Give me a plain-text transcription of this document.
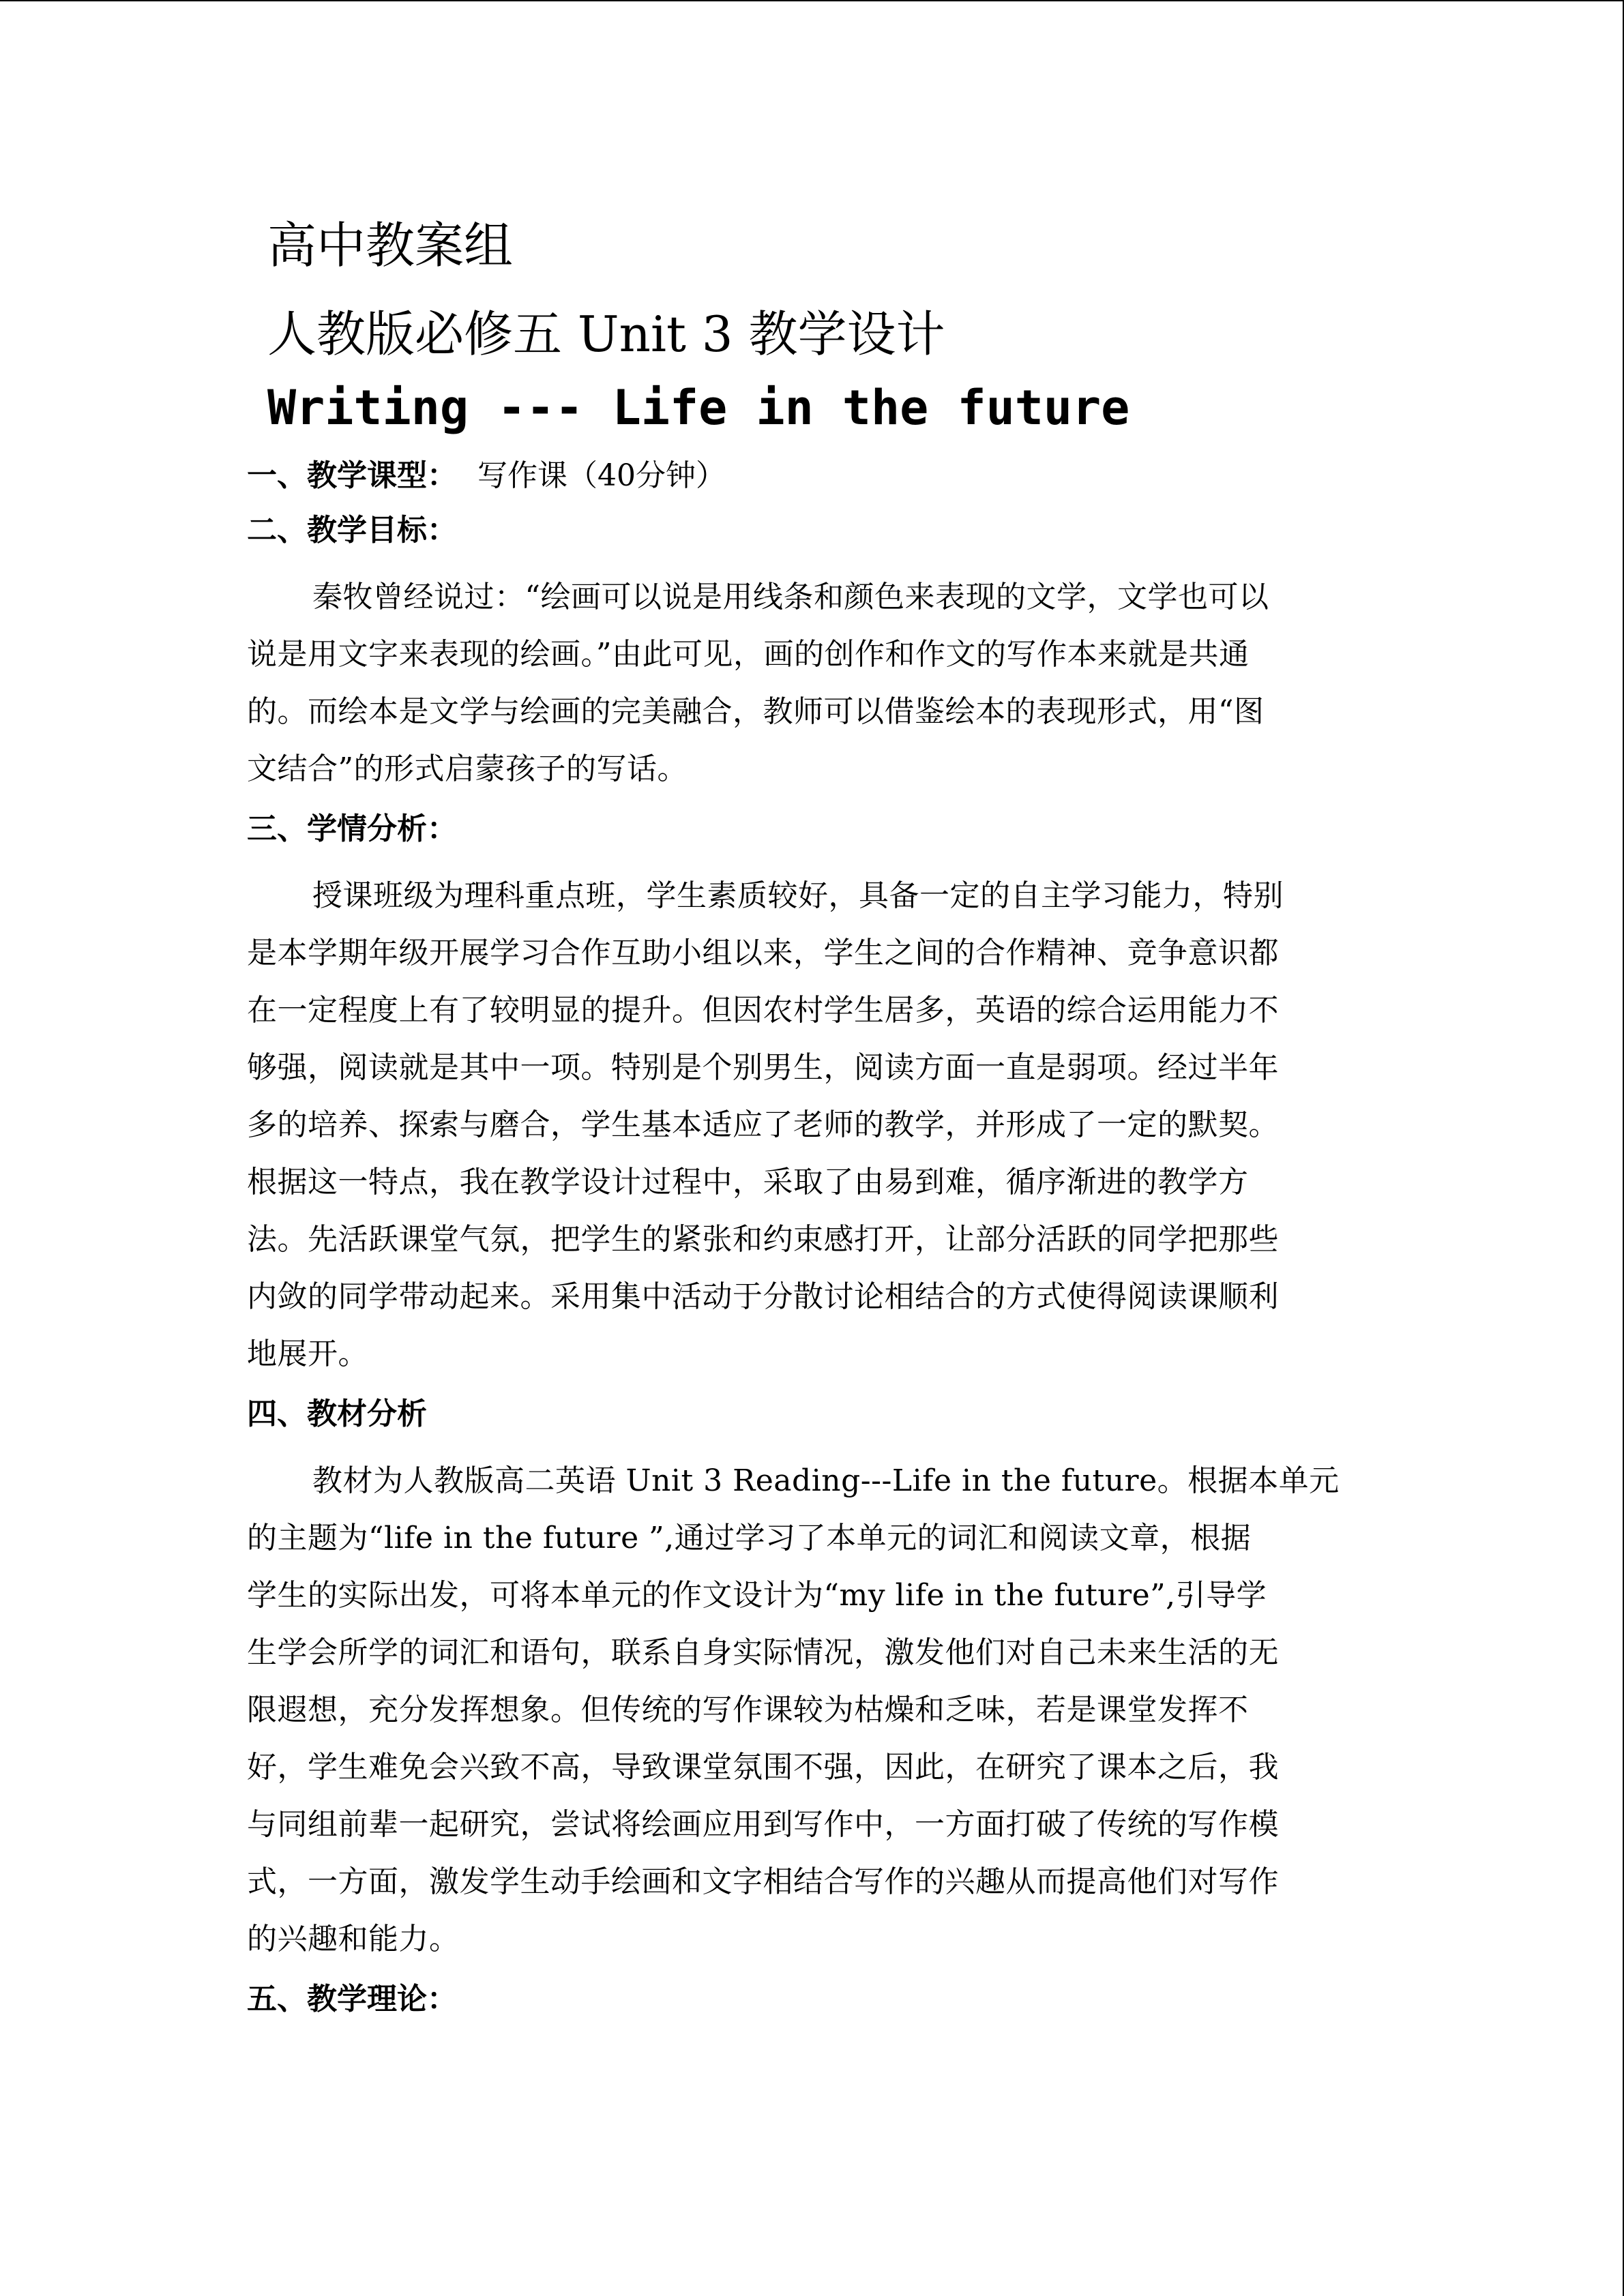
高中教案组
人教版必修五 Unit 3 教学设计
Writing --- Life in the future
一、教学课型： 写作课（40分钟）
二、教学目标：
秦牧曾经说过：“绘画可以说是用线条和颜色来表现的文学，文学也可以
说是用文字来表现的绘画。”由此可见，画的创作和作文的写作本来就是共通
的。而绘本是文学与绘画的完美融合，教师可以借鉴绘本的表现形式，用“图
文结合”的形式启蒙孩子的写话。
三、学情分析：
授课班级为理科重点班，学生素质较好，具备一定的自主学习能力，特别
是本学期年级开展学习合作互助小组以来，学生之间的合作精神、竞争意识都
在一定程度上有了较明显的提升。但因农村学生居多，英语的综合运用能力不
够强，阅读就是其中一项。特别是个别男生，阅读方面一直是弱项。经过半年
多的培养、探索与磨合，学生基本适应了老师的教学，并形成了一定的默契。
根据这一特点，我在教学设计过程中，采取了由易到难，循序渐进的教学方
法。先活跃课堂气氛，把学生的紧张和约束感打开，让部分活跃的同学把那些
内敛的同学带动起来。采用集中活动于分散讨论相结合的方式使得阅读课顺利
地展开。
四、教材分析
教材为人教版高二英语 Unit 3 Reading---Life in the future。根据本单元
的主题为“life in the future ”,通过学习了本单元的词汇和阅读文章，根据
学生的实际出发，可将本单元的作文设计为“my life in the future”,引导学
生学会所学的词汇和语句，联系自身实际情况，激发他们对自己未来生活的无
限遐想，充分发挥想象。但传统的写作课较为枯燥和乏味，若是课堂发挥不
好，学生难免会兴致不高，导致课堂氛围不强，因此，在研究了课本之后，我
与同组前辈一起研究，尝试将绘画应用到写作中，一方面打破了传统的写作模
式，一方面，激发学生动手绘画和文字相结合写作的兴趣从而提高他们对写作
的兴趣和能力。
五、教学理论：
